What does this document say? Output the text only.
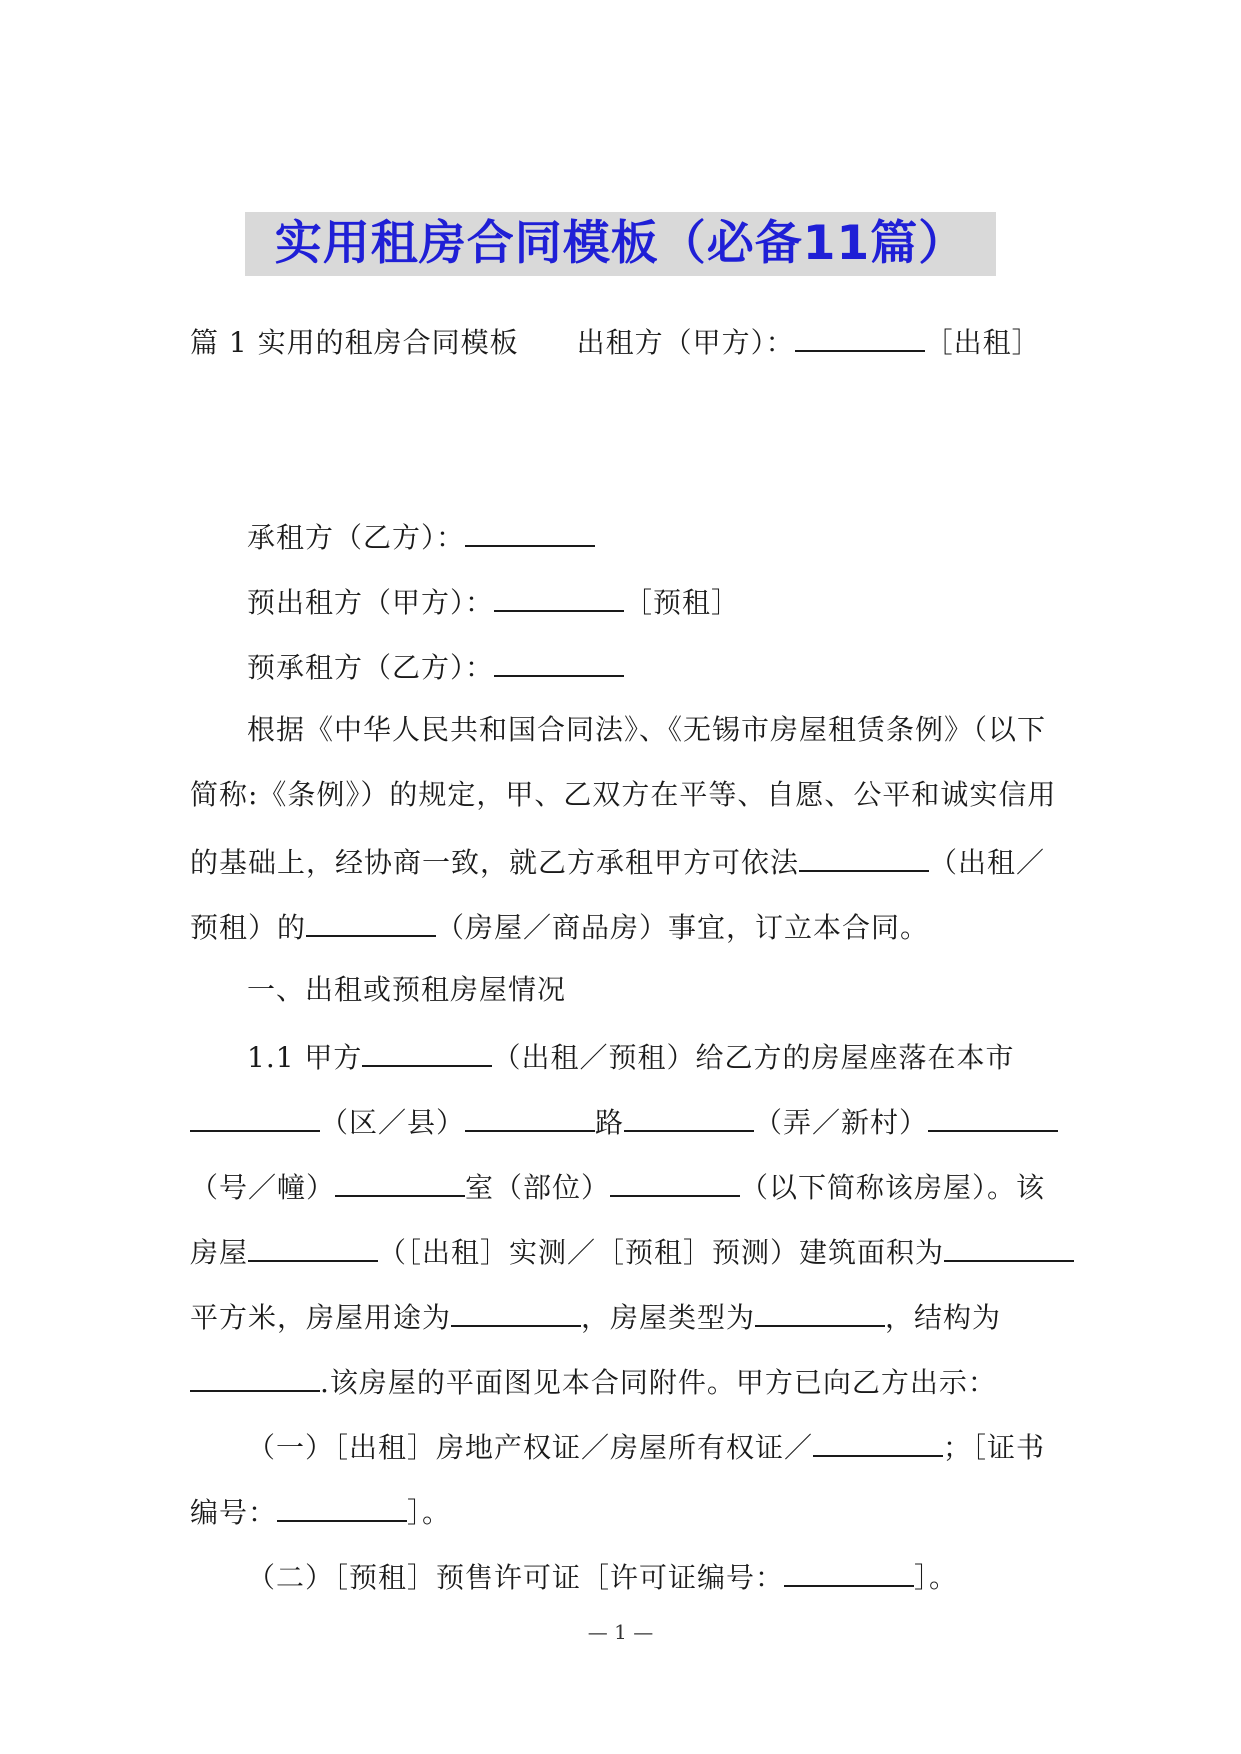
实用租房合同模板（必备11篇）
篇 1 实用的租房合同模板 出租方（甲方）：	［出租］
承租方（乙方）：
预出租方（甲方）：	［预租］
预承租方（乙方）：
根据《中华人民共和国合同法》、《无锡市房屋租赁条例》（以下
简称:《条例》）的规定，甲、乙双方在平等、自愿、公平和诚实信用
的基础上，经协商一致，就乙方承租甲方可依法	（出租／
预租）的	（房屋／商品房）事宜，订立本合同。
一、出租或预租房屋情况
1.1 甲方	（出租／预租）给乙方的房屋座落在本市
（区／县）	路	（弄／新村）
（号／幢）	室（部位）	（以下简称该房屋）。该
房屋	（［出租］实测／［预租］预测）建筑面积为
平方米，房屋用途为	，房屋类型为	，结构为
.该房屋的平面图见本合同附件。甲方已向乙方出示：
（一）［出租］房地产权证／房屋所有权证／	；［证书
编号：	］。
（二）［预租］预售许可证［许可证编号：	］。
— 1 —
